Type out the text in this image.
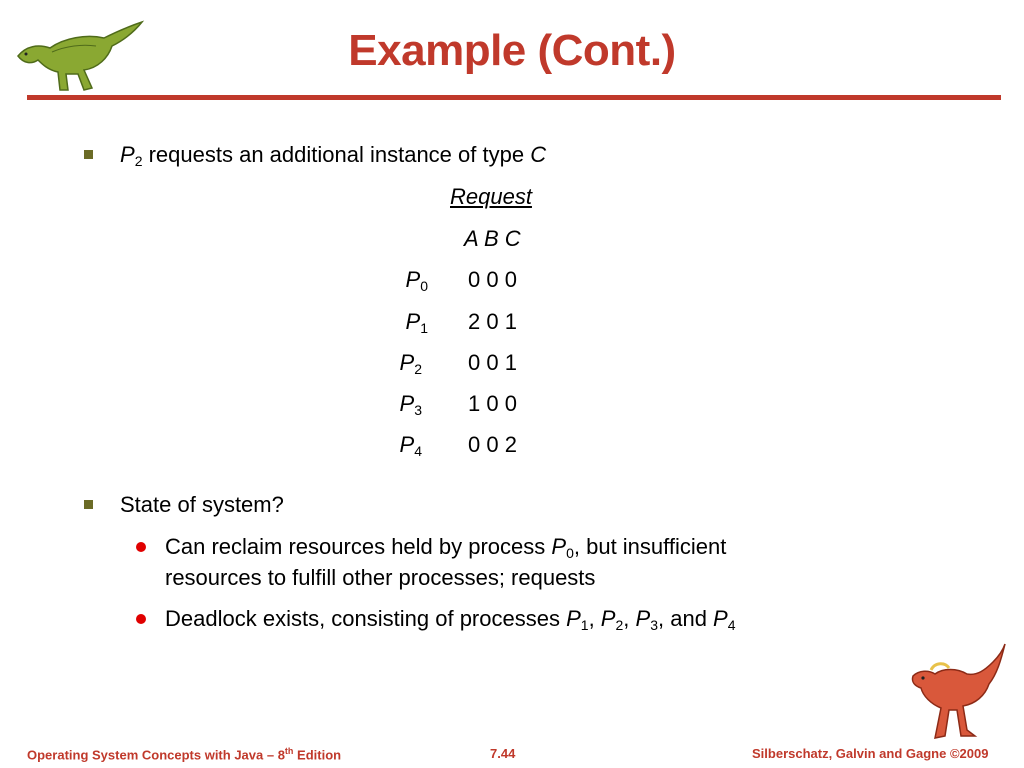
Example (Cont.)
$P_2$ requests an additional instance of type C
Request
A B C
$P_0$ 0 0 0
$P_1$ 2 0 1
$P_2$ 0 0 1
$P_3$ 1 0 0
$P_4$ 0 0 2
State of system?
Can reclaim resources held by process $P_0$, but insufficient
resources to fulfill other processes; requests
Deadlock exists, consisting of processes $P_1$, $P_2$, $P_3$, and $P_4$
Operating System Concepts with Java – 8th Edition	7.44	Silberschatz, Galvin and Gagne ©2009
